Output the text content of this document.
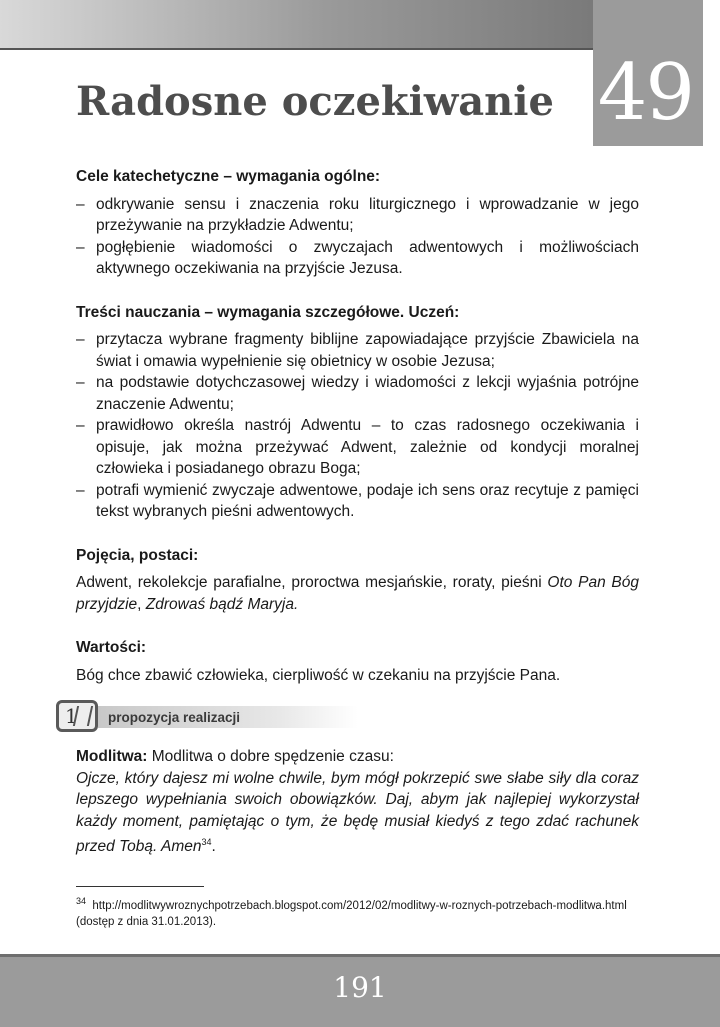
49
Radosne oczekiwanie

Cele katechetyczne – wymagania ogólne:

– odkrywanie sensu i znaczenia roku liturgicznego i wprowadzanie w jego przeżywanie na przykładzie Adwentu;
– pogłębienie wiadomości o zwyczajach adwentowych i możliwościach aktywnego oczekiwania na przyjście Jezusa.

Treści nauczania – wymagania szczegółowe. Uczeń:

– przytacza wybrane fragmenty biblijne zapowiadające przyjście Zbawiciela na świat i omawia wypełnienie się obietnicy w osobie Jezusa;
– na podstawie dotychczasowej wiedzy i wiadomości z lekcji wyjaśnia potrójne znaczenie Adwentu;
– prawidłowo określa nastrój Adwentu – to czas radosnego oczekiwania i opisuje, jak można przeżywać Adwent, zależnie od kondycji moralnej człowieka i posiadanego obrazu Boga;
– potrafi wymienić zwyczaje adwentowe, podaje ich sens oraz recytuje z pamięci tekst wybranych pieśni adwentowych.

Pojęcia, postaci:

Adwent, rekolekcje parafialne, proroctwa mesjańskie, roraty, pieśni Oto Pan Bóg przyjdzie, Zdrowaś bądź Maryja.

Wartości:

Bóg chce zbawić człowieka, cierpliwość w czekaniu na przyjście Pana.

propozycja realizacji
1

Modlitwa: Modlitwa o dobre spędzenie czasu:

Ojcze, który dajesz mi wolne chwile, bym mógł pokrzepić swe słabe siły dla coraz lepszego wypełniania swoich obowiązków. Daj, abym jak najlepiej wykorzystał każdy moment, pamiętając o tym, że będę musiał kiedyś z tego zdać rachunek przed Tobą. Amen$^{34}$.

$^{34}$ http://modlitwywroznychpotrzebach.blogspot.com/2012/02/modlitwy-w-roznych-potrzebach-modlitwa.html (dostęp z dnia 31.01.2013).

191
